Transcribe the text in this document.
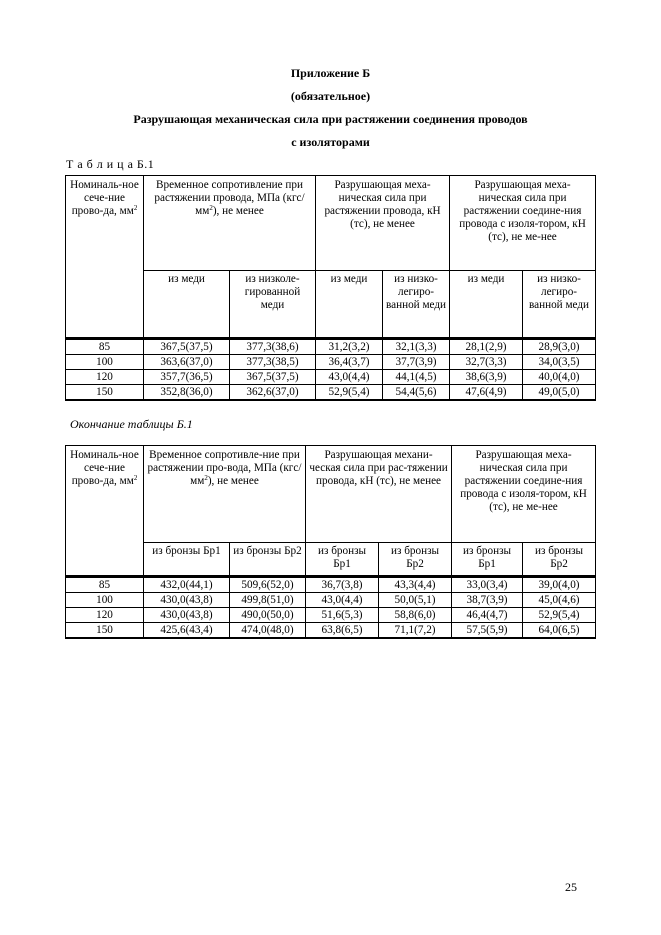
Приложение Б
(обязательное)
Разрушающая механическая сила при растяжении соединения проводов
с изоляторами
Т а б л и ц а Б.1
Номиналь-ное сече-ние прово-да, $мм^2$	Временное сопротивление при растяжении провода, МПа $(кгс/мм^2)$, не менее		Разрушающая меха-ническая сила при растяжении провода, кН (тс), не менее		Разрушающая меха-ническая сила при растяжении соедине-ния провода с изоля-тором, кН (тс), не ме-нее	
	из меди	из низколе-гированной меди	из меди	из низко-легиро-ванной меди	из меди	из низко-легиро-ванной меди
85	367,5(37,5)	377,3(38,6)	31,2(3,2)	32,1(3,3)	28,1(2,9)	28,9(3,0)
100	363,6(37,0)	377,3(38,5)	36,4(3,7)	37,7(3,9)	32,7(3,3)	34,0(3,5)
120	357,7(36,5)	367,5(37,5)	43,0(4,4)	44,1(4,5)	38,6(3,9)	40,0(4,0)
150	352,8(36,0)	362,6(37,0)	52,9(5,4)	54,4(5,6)	47,6(4,9)	49,0(5,0)
Окончание таблицы Б.1
Номиналь-ное сече-ние прово-да, $мм^2$	Временное сопротивле-ние при растяжении про-вода, МПа $(кгс/мм^2)$, не менее		Разрушающая механи-ческая сила при рас-тяжении провода, кН (тс), не менее		Разрушающая меха-ническая сила при растяжении соедине-ния провода с изоля-тором, кН (тс), не ме-нее	
	из бронзы Бр1	из бронзы Бр2	из бронзы Бр1	из бронзы Бр2	из бронзы Бр1	из бронзы Бр2
85	432,0(44,1)	509,6(52,0)	36,7(3,8)	43,3(4,4)	33,0(3,4)	39,0(4,0)
100	430,0(43,8)	499,8(51,0)	43,0(4,4)	50,0(5,1)	38,7(3,9)	45,0(4,6)
120	430,0(43,8)	490,0(50,0)	51,6(5,3)	58,8(6,0)	46,4(4,7)	52,9(5,4)
150	425,6(43,4)	474,0(48,0)	63,8(6,5)	71,1(7,2)	57,5(5,9)	64,0(6,5)
25
